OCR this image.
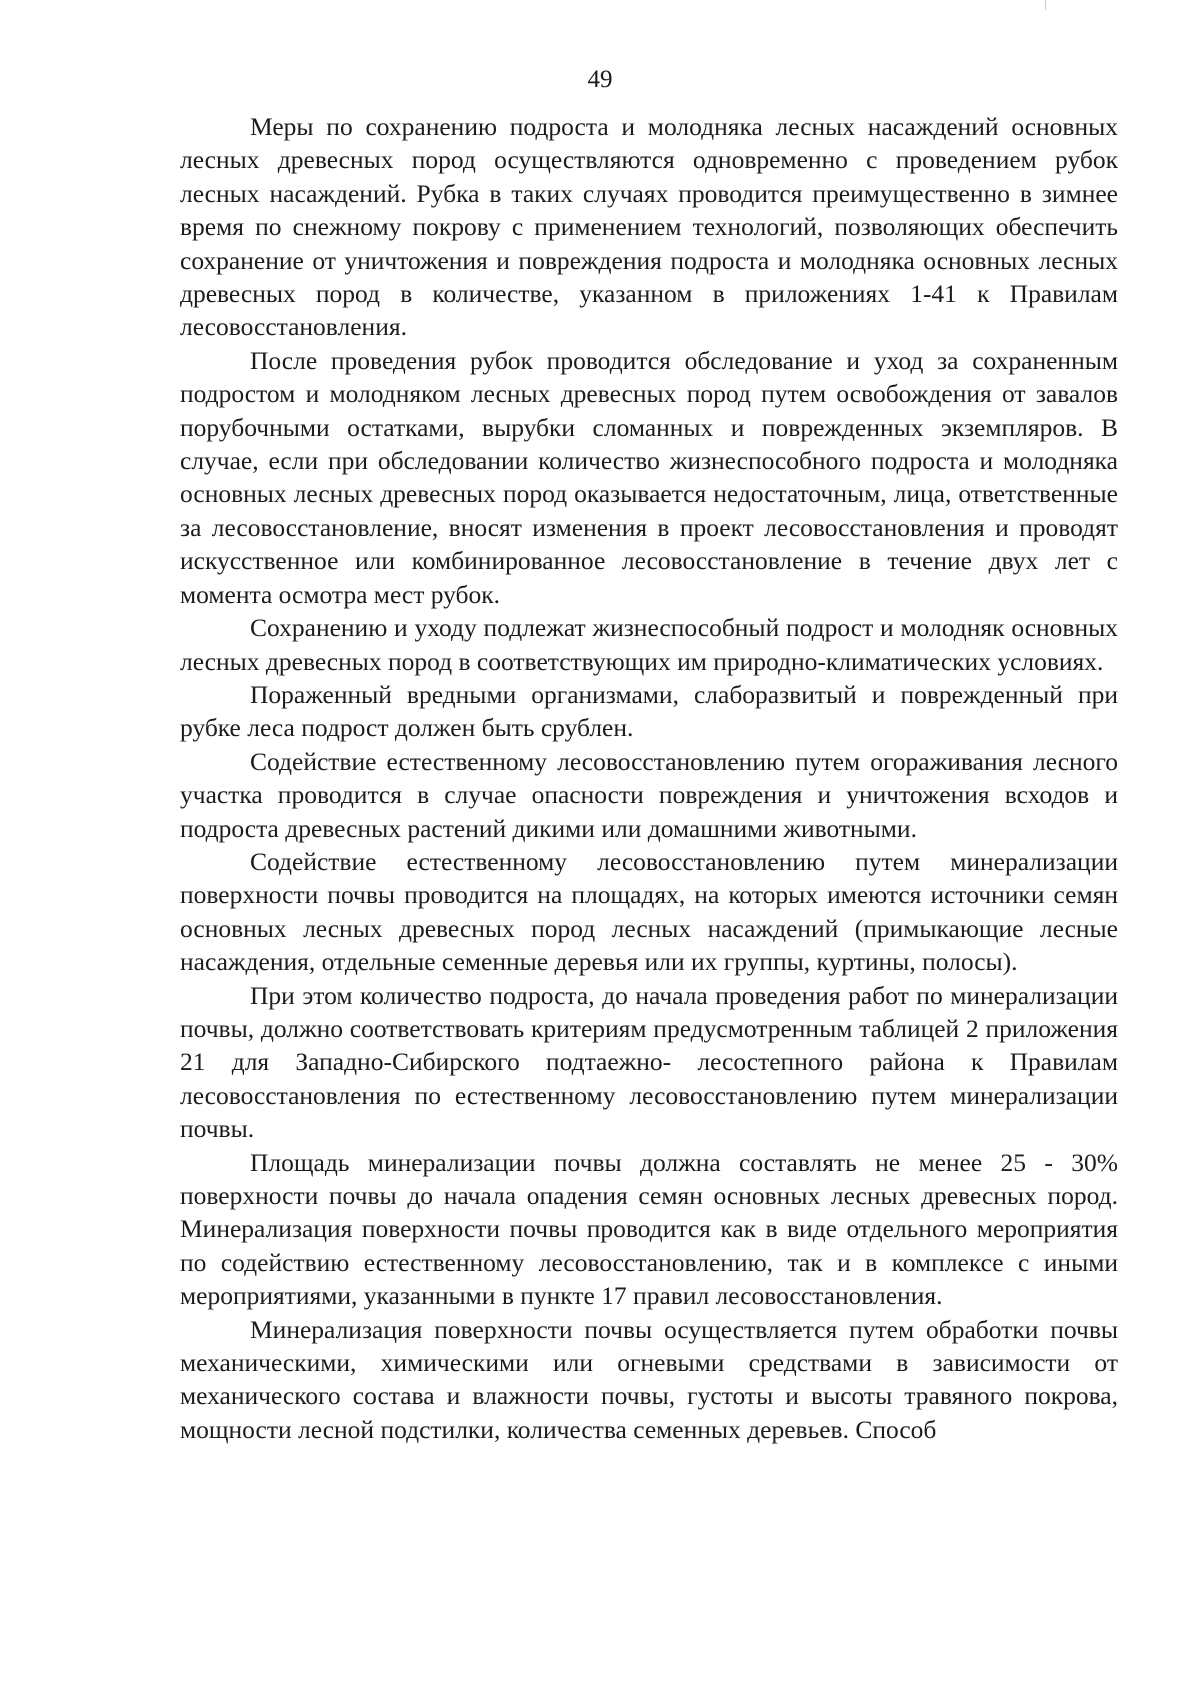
49

Меры по сохранению подроста и молодняка лесных насаждений основных лесных древесных пород осуществляются одновременно с проведением рубок лесных насаждений. Рубка в таких случаях проводится преимущественно в зимнее время по снежному покрову с применением технологий, позволяющих обеспечить сохранение от уничтожения и повреждения подроста и молодняка основных лесных древесных пород в количестве, указанном в приложениях 1-41 к Правилам лесовосстановления.

После проведения рубок проводится обследование и уход за сохраненным подростом и молодняком лесных древесных пород путем освобождения от завалов порубочными остатками, вырубки сломанных и поврежденных экземпляров. В случае, если при обследовании количество жизнеспособного подроста и молодняка основных лесных древесных пород оказывается недостаточным, лица, ответственные за лесовосстановление, вносят изменения в проект лесовосстановления и проводят искусственное или комбинированное лесовосстановление в течение двух лет с момента осмотра мест рубок.

Сохранению и уходу подлежат жизнеспособный подрост и молодняк основных лесных древесных пород в соответствующих им природно-климатических условиях.

Пораженный вредными организмами, слаборазвитый и поврежденный при рубке леса подрост должен быть срублен.

Содействие естественному лесовосстановлению путем огораживания лесного участка проводится в случае опасности повреждения и уничтожения всходов и подроста древесных растений дикими или домашними животными.

Содействие естественному лесовосстановлению путем минерализации поверхности почвы проводится на площадях, на которых имеются источники семян основных лесных древесных пород лесных насаждений (примыкающие лесные насаждения, отдельные семенные деревья или их группы, куртины, полосы).

При этом количество подроста, до начала проведения работ по минерализации почвы, должно соответствовать критериям предусмотренным таблицей 2 приложения 21 для Западно-Сибирского подтаежно- лесостепного района к Правилам лесовосстановления по естественному лесовосстановлению путем минерализации почвы.

Площадь минерализации почвы должна составлять не менее 25 - 30% поверхности почвы до начала опадения семян основных лесных древесных пород. Минерализация поверхности почвы проводится как в виде отдельного мероприятия по содействию естественному лесовосстановлению, так и в комплексе с иными мероприятиями, указанными в пункте 17 правил лесовосстановления.

Минерализация поверхности почвы осуществляется путем обработки почвы механическими, химическими или огневыми средствами в зависимости от механического состава и влажности почвы, густоты и высоты травяного покрова, мощности лесной подстилки, количества семенных деревьев. Способ
